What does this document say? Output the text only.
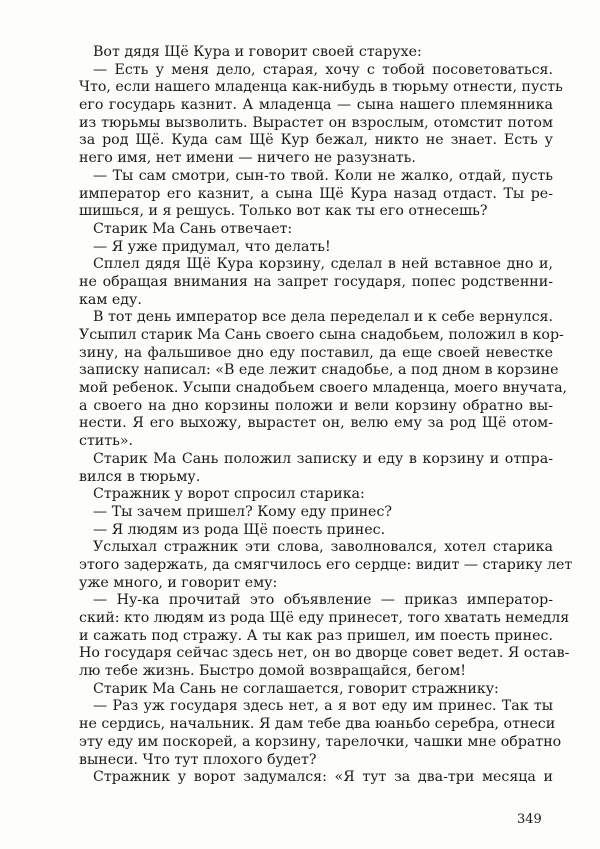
Вот дядя Щё Кура и говорит своей старухе:
— Есть у меня дело, старая, хочу с тобой посоветоваться.
Что, если нашего младенца как-нибудь в тюрьму отнести, пусть
его государь казнит. А младенца — сына нашего племянника
из тюрьмы вызволить. Вырастет он взрослым, отомстит потом
за род Щё. Куда сам Щё Кур бежал, никто не знает. Есть у
него имя, нет имени — ничего не разузнать.
— Ты сам смотри, сын-то твой. Коли не жалко, отдай, пусть
император его казнит, а сына Щё Кура назад отдаст. Ты ре-
шишься, и я решусь. Только вот как ты его отнесешь?
Старик Ма Сань отвечает:
— Я уже придумал, что делать!
Сплел дядя Щё Кура корзину, сделал в ней вставное дно и,
не обращая внимания на запрет государя, попес родственни-
кам еду.
В тот день император все дела переделал и к себе вернулся.
Усыпил старик Ма Сань своего сына снадобьем, положил в кор-
зину, на фальшивое дно еду поставил, да еще своей невестке
записку написал: «В еде лежит снадобье, а под дном в корзине
мой ребенок. Усыпи снадобьем своего младенца, моего внучата,
а своего на дно корзины положи и вели корзину обратно вы-
нести. Я его выхожу, вырастет он, велю ему за род Щё отом-
стить».
Старик Ма Сань положил записку и еду в корзину и отпра-
вился в тюрьму.
Стражник у ворот спросил старика:
— Ты зачем пришел? Кому еду принес?
— Я людям из рода Щё поесть принес.
Услыхал стражник эти слова, заволновался, хотел старика
этого задержать, да смягчилось его сердце: видит — старику лет
уже много, и говорит ему:
— Ну-ка прочитай это объявление — приказ император-
ский: кто людям из рода Щё еду принесет, того хватать немедля
и сажать под стражу. А ты как раз пришел, им поесть принес.
Но государя сейчас здесь нет, он во дворце совет ведет. Я остав-
лю тебе жизнь. Быстро домой возвращайся, бегом!
Старик Ма Сань не соглашается, говорит стражнику:
— Раз уж государя здесь нет, а я вот еду им принес. Так ты
не сердись, начальник. Я дам тебе два юаньбо серебра, отнеси
эту еду им поскорей, а корзину, тарелочки, чашки мне обратно
вынеси. Что тут плохого будет?
Стражник у ворот задумался: «Я тут за два-три месяца и
349
